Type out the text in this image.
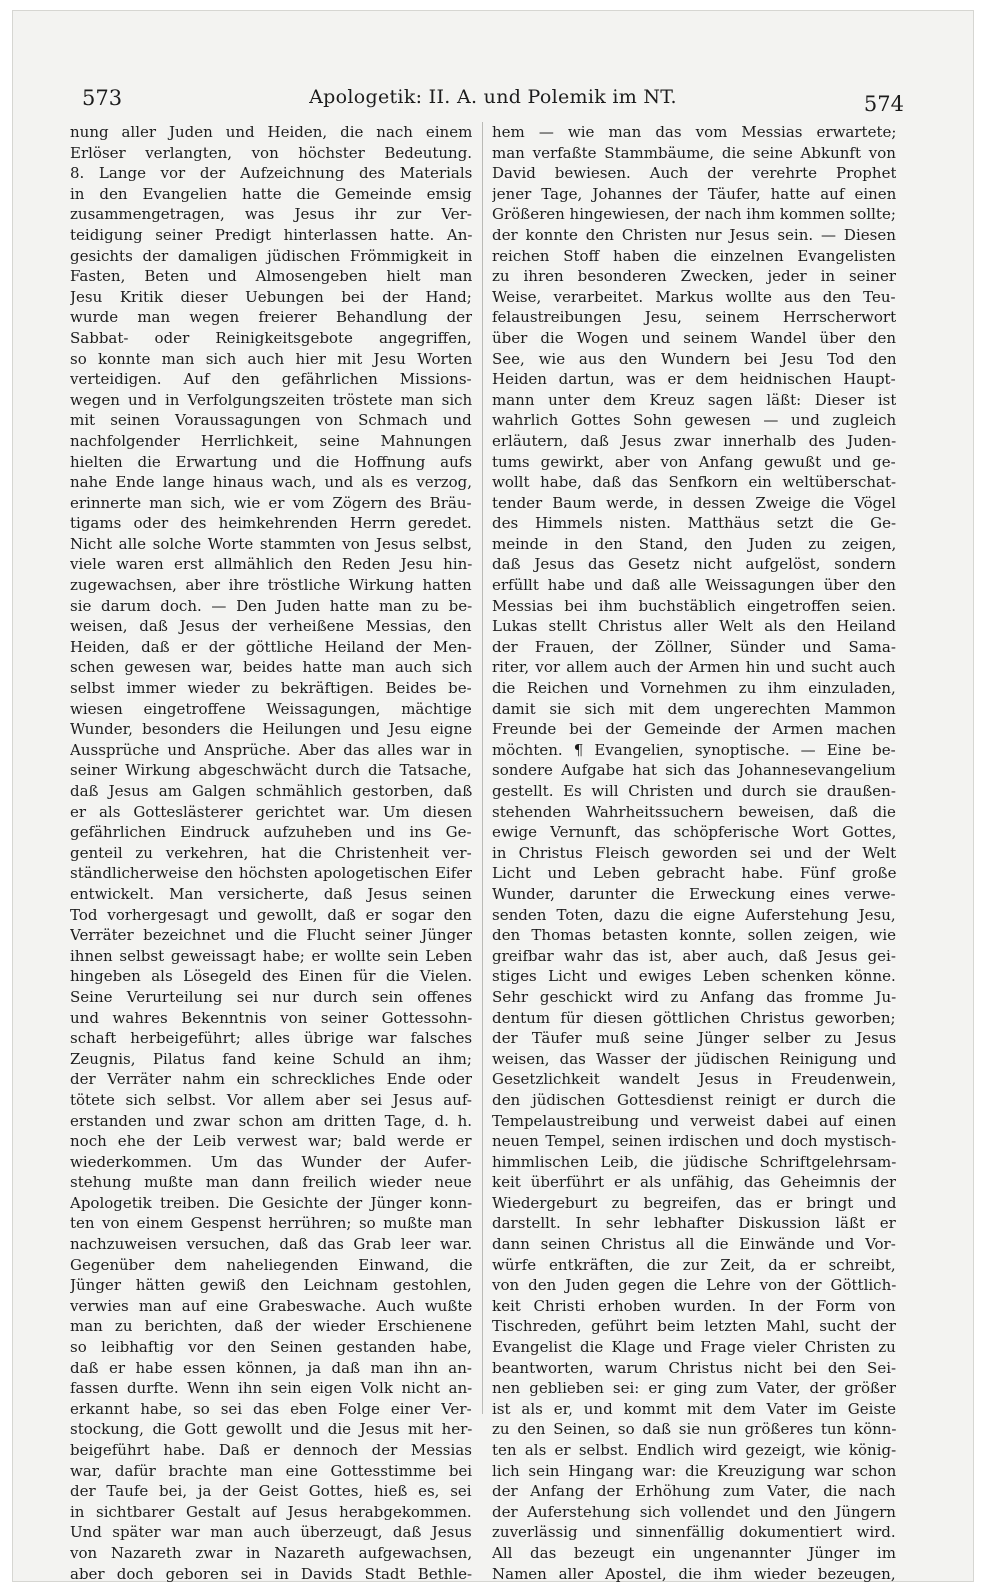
573	Apologetik: II. A. und Polemik im NT.	574
nung aller Juden und Heiden, die nach einem
Erlöser verlangten, von höchster Bedeutung.
8. Lange vor der Aufzeichnung des Materials
in den Evangelien hatte die Gemeinde emsig
zusammengetragen, was Jesus ihr zur Ver-
teidigung seiner Predigt hinterlassen hatte. An-
gesichts der damaligen jüdischen Frömmigkeit in
Fasten, Beten und Almosengeben hielt man
Jesu Kritik dieser Uebungen bei der Hand;
wurde man wegen freierer Behandlung der
Sabbat- oder Reinigkeitsgebote angegriffen,
so konnte man sich auch hier mit Jesu Worten
verteidigen. Auf den gefährlichen Missions-
wegen und in Verfolgungszeiten tröstete man sich
mit seinen Voraussagungen von Schmach und
nachfolgender Herrlichkeit, seine Mahnungen
hielten die Erwartung und die Hoffnung aufs
nahe Ende lange hinaus wach, und als es verzog,
erinnerte man sich, wie er vom Zögern des Bräu-
tigams oder des heimkehrenden Herrn geredet.
Nicht alle solche Worte stammten von Jesus selbst,
viele waren erst allmählich den Reden Jesu hin-
zugewachsen, aber ihre tröstliche Wirkung hatten
sie darum doch. — Den Juden hatte man zu be-
weisen, daß Jesus der verheißene Messias, den
Heiden, daß er der göttliche Heiland der Men-
schen gewesen war, beides hatte man auch sich
selbst immer wieder zu bekräftigen. Beides be-
wiesen eingetroffene Weissagungen, mächtige
Wunder, besonders die Heilungen und Jesu eigne
Aussprüche und Ansprüche. Aber das alles war in
seiner Wirkung abgeschwächt durch die Tatsache,
daß Jesus am Galgen schmählich gestorben, daß
er als Gotteslästerer gerichtet war. Um diesen
gefährlichen Eindruck aufzuheben und ins Ge-
genteil zu verkehren, hat die Christenheit ver-
ständlicherweise den höchsten apologetischen Eifer
entwickelt. Man versicherte, daß Jesus seinen
Tod vorhergesagt und gewollt, daß er sogar den
Verräter bezeichnet und die Flucht seiner Jünger
ihnen selbst geweissagt habe; er wollte sein Leben
hingeben als Lösegeld des Einen für die Vielen.
Seine Verurteilung sei nur durch sein offenes
und wahres Bekenntnis von seiner Gottessohn-
schaft herbeigeführt; alles übrige war falsches
Zeugnis, Pilatus fand keine Schuld an ihm;
der Verräter nahm ein schreckliches Ende oder
tötete sich selbst. Vor allem aber sei Jesus auf-
erstanden und zwar schon am dritten Tage, d. h.
noch ehe der Leib verwest war; bald werde er
wiederkommen. Um das Wunder der Aufer-
stehung mußte man dann freilich wieder neue
Apologetik treiben. Die Gesichte der Jünger konn-
ten von einem Gespenst herrühren; so mußte man
nachzuweisen versuchen, daß das Grab leer war.
Gegenüber dem naheliegenden Einwand, die
Jünger hätten gewiß den Leichnam gestohlen,
verwies man auf eine Grabeswache. Auch wußte
man zu berichten, daß der wieder Erschienene
so leibhaftig vor den Seinen gestanden habe,
daß er habe essen können, ja daß man ihn an-
fassen durfte. Wenn ihn sein eigen Volk nicht an-
erkannt habe, so sei das eben Folge einer Ver-
stockung, die Gott gewollt und die Jesus mit her-
beigeführt habe. Daß er dennoch der Messias
war, dafür brachte man eine Gottesstimme bei
der Taufe bei, ja der Geist Gottes, hieß es, sei
in sichtbarer Gestalt auf Jesus herabgekommen.
Und später war man auch überzeugt, daß Jesus
von Nazareth zwar in Nazareth aufgewachsen,
aber doch geboren sei in Davids Stadt Bethle-
hem — wie man das vom Messias erwartete;
man verfaßte Stammbäume, die seine Abkunft von
David bewiesen. Auch der verehrte Prophet
jener Tage, Johannes der Täufer, hatte auf einen
Größeren hingewiesen, der nach ihm kommen sollte;
der konnte den Christen nur Jesus sein. — Diesen
reichen Stoff haben die einzelnen Evangelisten
zu ihren besonderen Zwecken, jeder in seiner
Weise, verarbeitet. Markus wollte aus den Teu-
felaustreibungen Jesu, seinem Herrscherwort
über die Wogen und seinem Wandel über den
See, wie aus den Wundern bei Jesu Tod den
Heiden dartun, was er dem heidnischen Haupt-
mann unter dem Kreuz sagen läßt: Dieser ist
wahrlich Gottes Sohn gewesen — und zugleich
erläutern, daß Jesus zwar innerhalb des Juden-
tums gewirkt, aber von Anfang gewußt und ge-
wollt habe, daß das Senfkorn ein weltüberschat-
tender Baum werde, in dessen Zweige die Vögel
des Himmels nisten. Matthäus setzt die Ge-
meinde in den Stand, den Juden zu zeigen,
daß Jesus das Gesetz nicht aufgelöst, sondern
erfüllt habe und daß alle Weissagungen über den
Messias bei ihm buchstäblich eingetroffen seien.
Lukas stellt Christus aller Welt als den Heiland
der Frauen, der Zöllner, Sünder und Sama-
riter, vor allem auch der Armen hin und sucht auch
die Reichen und Vornehmen zu ihm einzuladen,
damit sie sich mit dem ungerechten Mammon
Freunde bei der Gemeinde der Armen machen
möchten. ¶ Evangelien, synoptische. — Eine be-
sondere Aufgabe hat sich das Johannesevangelium
gestellt. Es will Christen und durch sie draußen-
stehenden Wahrheitssuchern beweisen, daß die
ewige Vernunft, das schöpferische Wort Gottes,
in Christus Fleisch geworden sei und der Welt
Licht und Leben gebracht habe. Fünf große
Wunder, darunter die Erweckung eines verwe-
senden Toten, dazu die eigne Auferstehung Jesu,
den Thomas betasten konnte, sollen zeigen, wie
greifbar wahr das ist, aber auch, daß Jesus gei-
stiges Licht und ewiges Leben schenken könne.
Sehr geschickt wird zu Anfang das fromme Ju-
dentum für diesen göttlichen Christus geworben;
der Täufer muß seine Jünger selber zu Jesus
weisen, das Wasser der jüdischen Reinigung und
Gesetzlichkeit wandelt Jesus in Freudenwein,
den jüdischen Gottesdienst reinigt er durch die
Tempelaustreibung und verweist dabei auf einen
neuen Tempel, seinen irdischen und doch mystisch-
himmlischen Leib, die jüdische Schriftgelehrsam-
keit überführt er als unfähig, das Geheimnis der
Wiedergeburt zu begreifen, das er bringt und
darstellt. In sehr lebhafter Diskussion läßt er
dann seinen Christus all die Einwände und Vor-
würfe entkräften, die zur Zeit, da er schreibt,
von den Juden gegen die Lehre von der Göttlich-
keit Christi erhoben wurden. In der Form von
Tischreden, geführt beim letzten Mahl, sucht der
Evangelist die Klage und Frage vieler Christen zu
beantworten, warum Christus nicht bei den Sei-
nen geblieben sei: er ging zum Vater, der größer
ist als er, und kommt mit dem Vater im Geiste
zu den Seinen, so daß sie nun größeres tun könn-
ten als er selbst. Endlich wird gezeigt, wie könig-
lich sein Hingang war: die Kreuzigung war schon
der Anfang der Erhöhung zum Vater, die nach
der Auferstehung sich vollendet und den Jüngern
zuverlässig und sinnenfällig dokumentiert wird.
All das bezeugt ein ungenannter Jünger im
Namen aller Apostel, die ihm wieder bezeugen,
